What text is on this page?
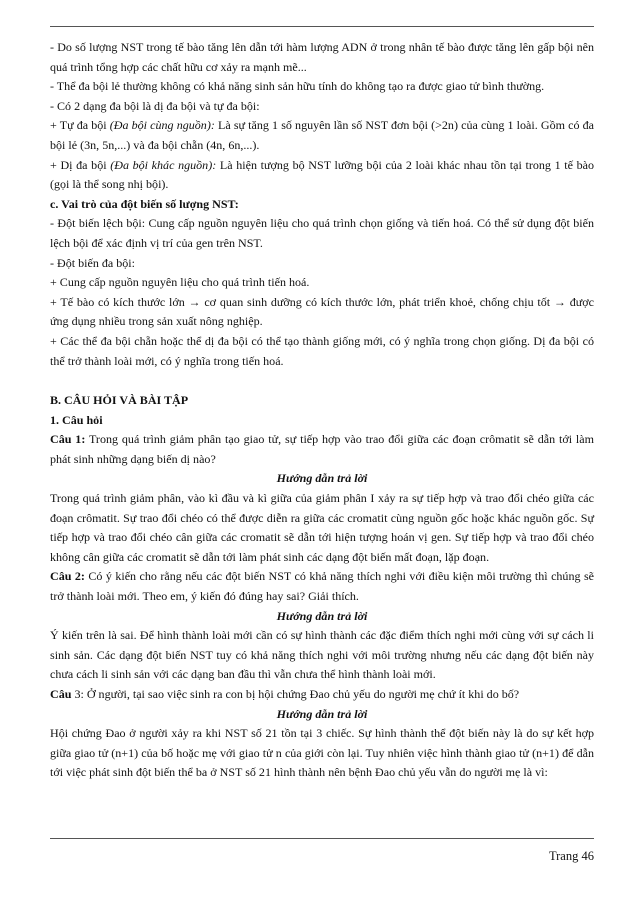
- Do số lượng NST trong tế bào tăng lên dẫn tới hàm lượng ADN ở trong nhân tế bào được tăng lên gấp bội nên quá trình tổng hợp các chất hữu cơ xảy ra mạnh mẽ...

- Thể đa bội lẻ thường không có khả năng sinh sản hữu tính do không tạo ra được giao tử bình thường.

- Có 2 dạng đa bội là dị đa bội và tự đa bội:

+ Tự đa bội (Đa bội cùng nguồn): Là sự tăng 1 số nguyên lần số NST đơn bội (>2n) của cùng 1 loài. Gồm có đa bội lẻ (3n, 5n,...) và đa bội chẵn (4n, 6n,...).

+ Dị đa bội (Đa bội khác nguồn): Là hiện tượng bộ NST lưỡng bội của 2 loài khác nhau tồn tại trong 1 tế bào (gọi là thể song nhị bội).

c. Vai trò của đột biến số lượng NST:

- Đột biến lệch bội: Cung cấp nguồn nguyên liệu cho quá trình chọn giống và tiến hoá. Có thể sử dụng đột biến lệch bội để xác định vị trí của gen trên NST.

- Đột biến đa bội:

+ Cung cấp nguồn nguyên liệu cho quá trình tiến hoá.

+ Tế bào có kích thước lớn → cơ quan sinh dưỡng có kích thước lớn, phát triển khoẻ, chống chịu tốt → được ứng dụng nhiều trong sản xuất nông nghiệp.

+ Các thể đa bội chẵn hoặc thể dị đa bội có thể tạo thành giống mới, có ý nghĩa trong chọn giống. Dị đa bội có thể trở thành loài mới, có ý nghĩa trong tiến hoá.

B. CÂU HỎI VÀ BÀI TẬP

1. Câu hỏi

Câu 1: Trong quá trình giảm phân tạo giao tử, sự tiếp hợp vào trao đổi giữa các đoạn crômatit sẽ dẫn tới làm phát sinh những dạng biến dị nào?

Hướng dẫn trả lời

Trong quá trình giảm phân, vào kì đầu và kì giữa của giảm phân I xảy ra sự tiếp hợp và trao đổi chéo giữa các đoạn crômatit. Sự trao đổi chéo có thể được diễn ra giữa các cromatit cùng nguồn gốc hoặc khác nguồn gốc. Sự tiếp hợp và trao đổi chéo cân giữa các cromatit sẽ dẫn tới hiện tượng hoán vị gen. Sự tiếp hợp và trao đổi chéo không cân giữa các cromatit sẽ dẫn tới làm phát sinh các dạng đột biến mất đoạn, lặp đoạn.

Câu 2: Có ý kiến cho rằng nếu các đột biến NST có khả năng thích nghi với điều kiện môi trường thì chúng sẽ trở thành loài mới. Theo em, ý kiến đó đúng hay sai? Giải thích.

Hướng dẫn trả lời

Ý kiến trên là sai. Để hình thành loài mới cần có sự hình thành các đặc điểm thích nghi mới cùng với sự cách li sinh sản. Các dạng đột biến NST tuy có khả năng thích nghi với môi trường nhưng nếu các dạng đột biến này chưa cách li sinh sản với các dạng ban đầu thì vẫn chưa thể hình thành loài mới.

Câu 3: Ở người, tại sao việc sinh ra con bị hội chứng Đao chủ yếu do người mẹ chứ ít khi do bố?

Hướng dẫn trả lời

Hội chứng Đao ở người xảy ra khi NST số 21 tồn tại 3 chiếc. Sự hình thành thể đột biến này là do sự kết hợp giữa giao tử (n+1) của bố hoặc mẹ với giao tử n của giới còn lại. Tuy nhiên việc hình thành giao tử (n+1) để dẫn tới việc phát sinh đột biến thể ba ở NST số 21 hình thành nên bệnh Đao chủ yếu vẫn do người mẹ là vì:

Trang 46
